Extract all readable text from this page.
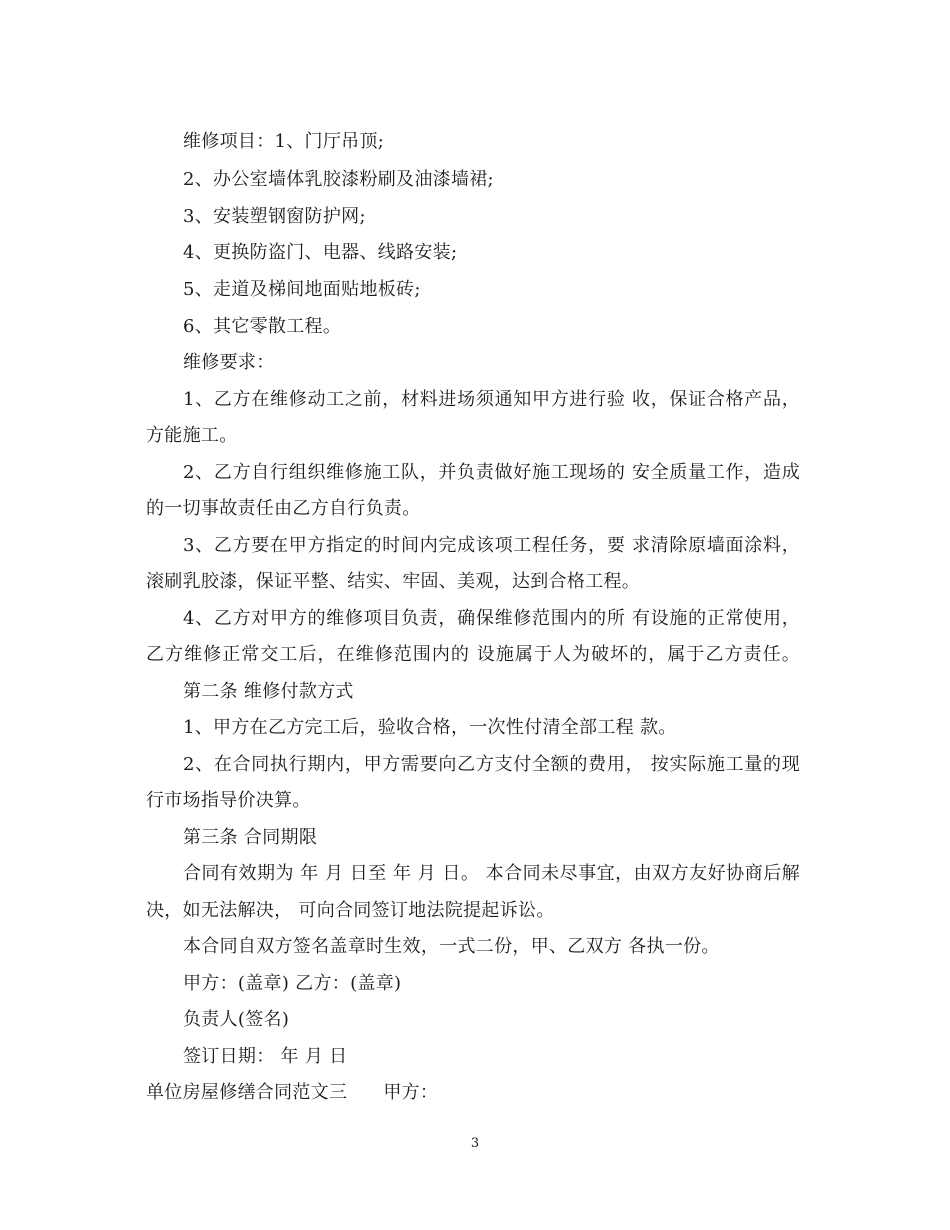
维修项目：1、门厅吊顶;
2、办公室墙体乳胶漆粉刷及油漆墙裙;
3、安装塑钢窗防护网;
4、更换防盗门、电器、线路安装;
5、走道及梯间地面贴地板砖;
6、其它零散工程。
维修要求：
1、乙方在维修动工之前，材料进场须通知甲方进行验 收，保证合格产品，
方能施工。
2、乙方自行组织维修施工队，并负责做好施工现场的 安全质量工作，造成
的一切事故责任由乙方自行负责。
3、乙方要在甲方指定的时间内完成该项工程任务，要 求清除原墙面涂料，
滚刷乳胶漆，保证平整、结实、牢固、美观，达到合格工程。
4、乙方对甲方的维修项目负责，确保维修范围内的所 有设施的正常使用，
乙方维修正常交工后，在维修范围内的 设施属于人为破坏的，属于乙方责任。
第二条 维修付款方式
1、甲方在乙方完工后，验收合格，一次性付清全部工程 款。
2、在合同执行期内，甲方需要向乙方支付全额的费用， 按实际施工量的现
行市场指导价决算。
第三条 合同期限
合同有效期为 年 月 日至 年 月 日。 本合同未尽事宜，由双方友好协商后解
决，如无法解决， 可向合同签订地法院提起诉讼。
本合同自双方签名盖章时生效，一式二份，甲、乙双方 各执一份。
甲方：(盖章) 乙方：(盖章)
负责人(签名)
签订日期： 年 月 日
单位房屋修缮合同范文三 甲方：
3
